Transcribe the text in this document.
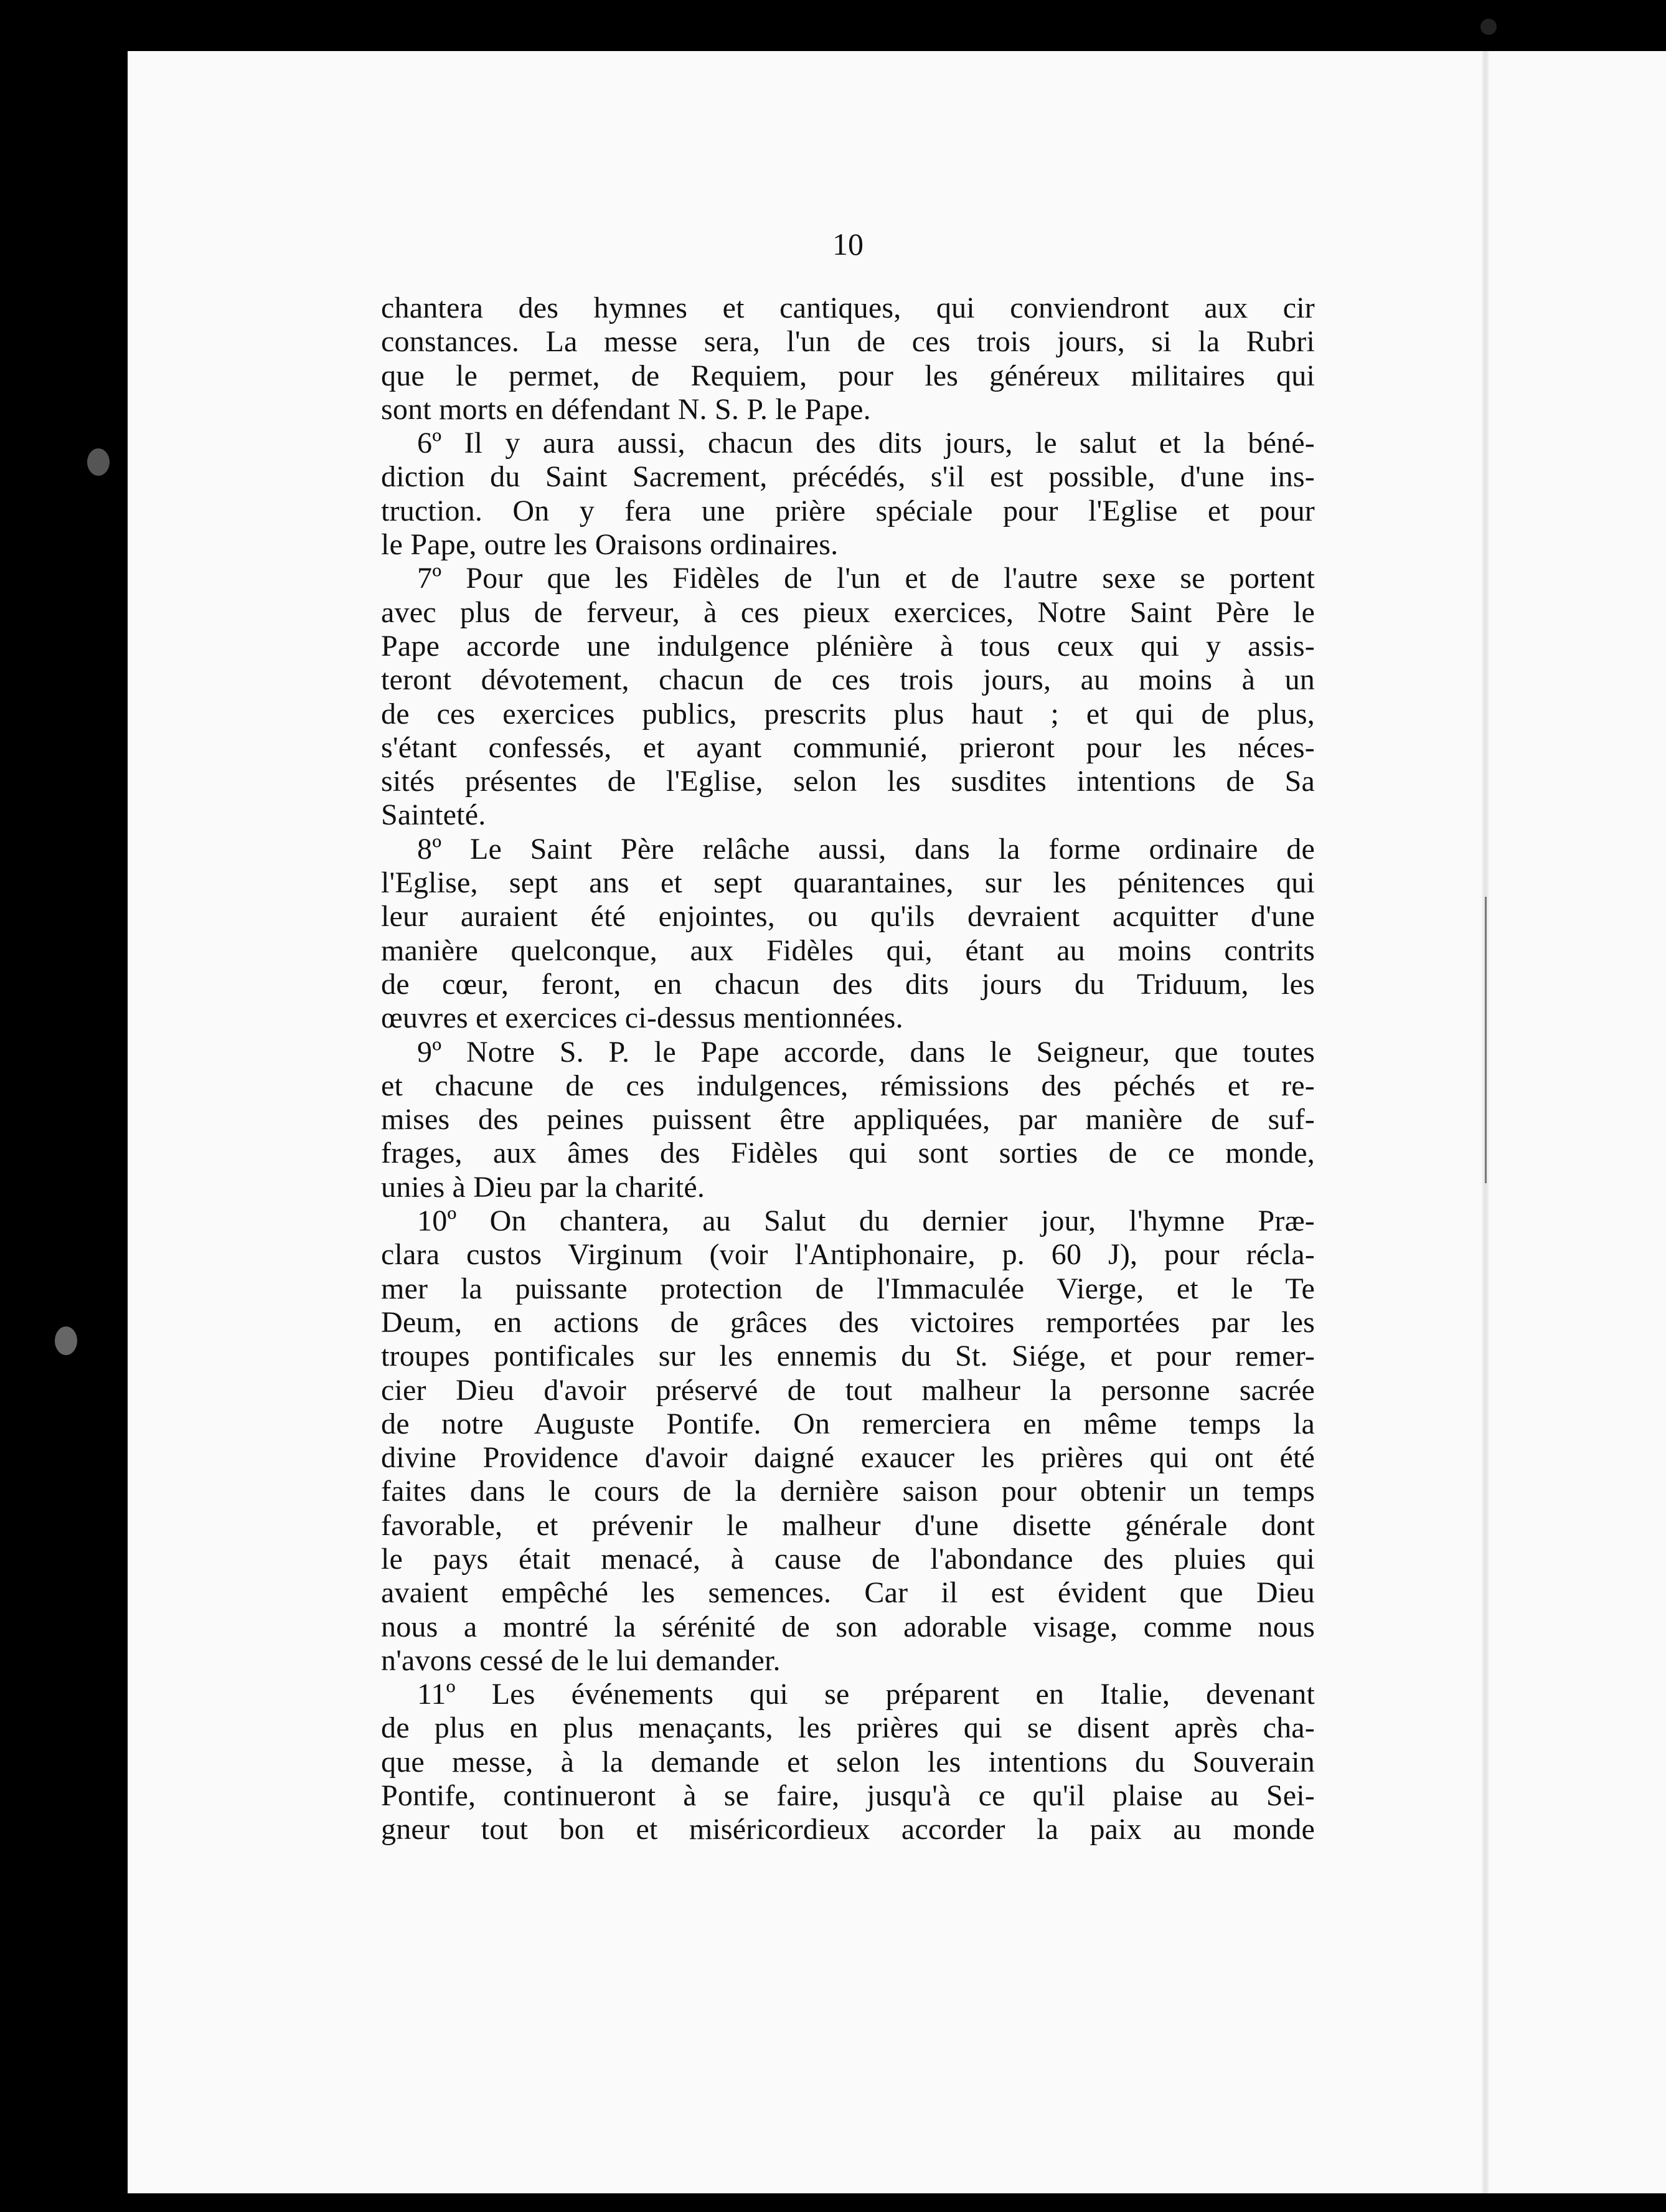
10
chantera des hymnes et cantiques, qui conviendront aux cir
constances. La messe sera, l'un de ces trois jours, si la Rubri
que le permet, de Requiem, pour les généreux militaires qui
sont morts en défendant N. S. P. le Pape.
6º Il y aura aussi, chacun des dits jours, le salut et la béné-
diction du Saint Sacrement, précédés, s'il est possible, d'une ins-
truction. On y fera une prière spéciale pour l'Eglise et pour
le Pape, outre les Oraisons ordinaires.
7º Pour que les Fidèles de l'un et de l'autre sexe se portent
avec plus de ferveur, à ces pieux exercices, Notre Saint Père le
Pape accorde une indulgence plénière à tous ceux qui y assis-
teront dévotement, chacun de ces trois jours, au moins à un
de ces exercices publics, prescrits plus haut ; et qui de plus,
s'étant confessés, et ayant communié, prieront pour les néces-
sités présentes de l'Eglise, selon les susdites intentions de Sa
Sainteté.
8º Le Saint Père relâche aussi, dans la forme ordinaire de
l'Eglise, sept ans et sept quarantaines, sur les pénitences qui
leur auraient été enjointes, ou qu'ils devraient acquitter d'une
manière quelconque, aux Fidèles qui, étant au moins contrits
de cœur, feront, en chacun des dits jours du Triduum, les
œuvres et exercices ci-dessus mentionnées.
9º Notre S. P. le Pape accorde, dans le Seigneur, que toutes
et chacune de ces indulgences, rémissions des péchés et re-
mises des peines puissent être appliquées, par manière de suf-
frages, aux âmes des Fidèles qui sont sorties de ce monde,
unies à Dieu par la charité.
10º On chantera, au Salut du dernier jour, l'hymne Præ-
clara custos Virginum (voir l'Antiphonaire, p. 60 J), pour récla-
mer la puissante protection de l'Immaculée Vierge, et le Te
Deum, en actions de grâces des victoires remportées par les
troupes pontificales sur les ennemis du St. Siége, et pour remer-
cier Dieu d'avoir préservé de tout malheur la personne sacrée
de notre Auguste Pontife. On remerciera en même temps la
divine Providence d'avoir daigné exaucer les prières qui ont été
faites dans le cours de la dernière saison pour obtenir un temps
favorable, et prévenir le malheur d'une disette générale dont
le pays était menacé, à cause de l'abondance des pluies qui
avaient empêché les semences. Car il est évident que Dieu
nous a montré la sérénité de son adorable visage, comme nous
n'avons cessé de le lui demander.
11º Les événements qui se préparent en Italie, devenant
de plus en plus menaçants, les prières qui se disent après cha-
que messe, à la demande et selon les intentions du Souverain
Pontife, continueront à se faire, jusqu'à ce qu'il plaise au Sei-
gneur tout bon et miséricordieux accorder la paix au monde
